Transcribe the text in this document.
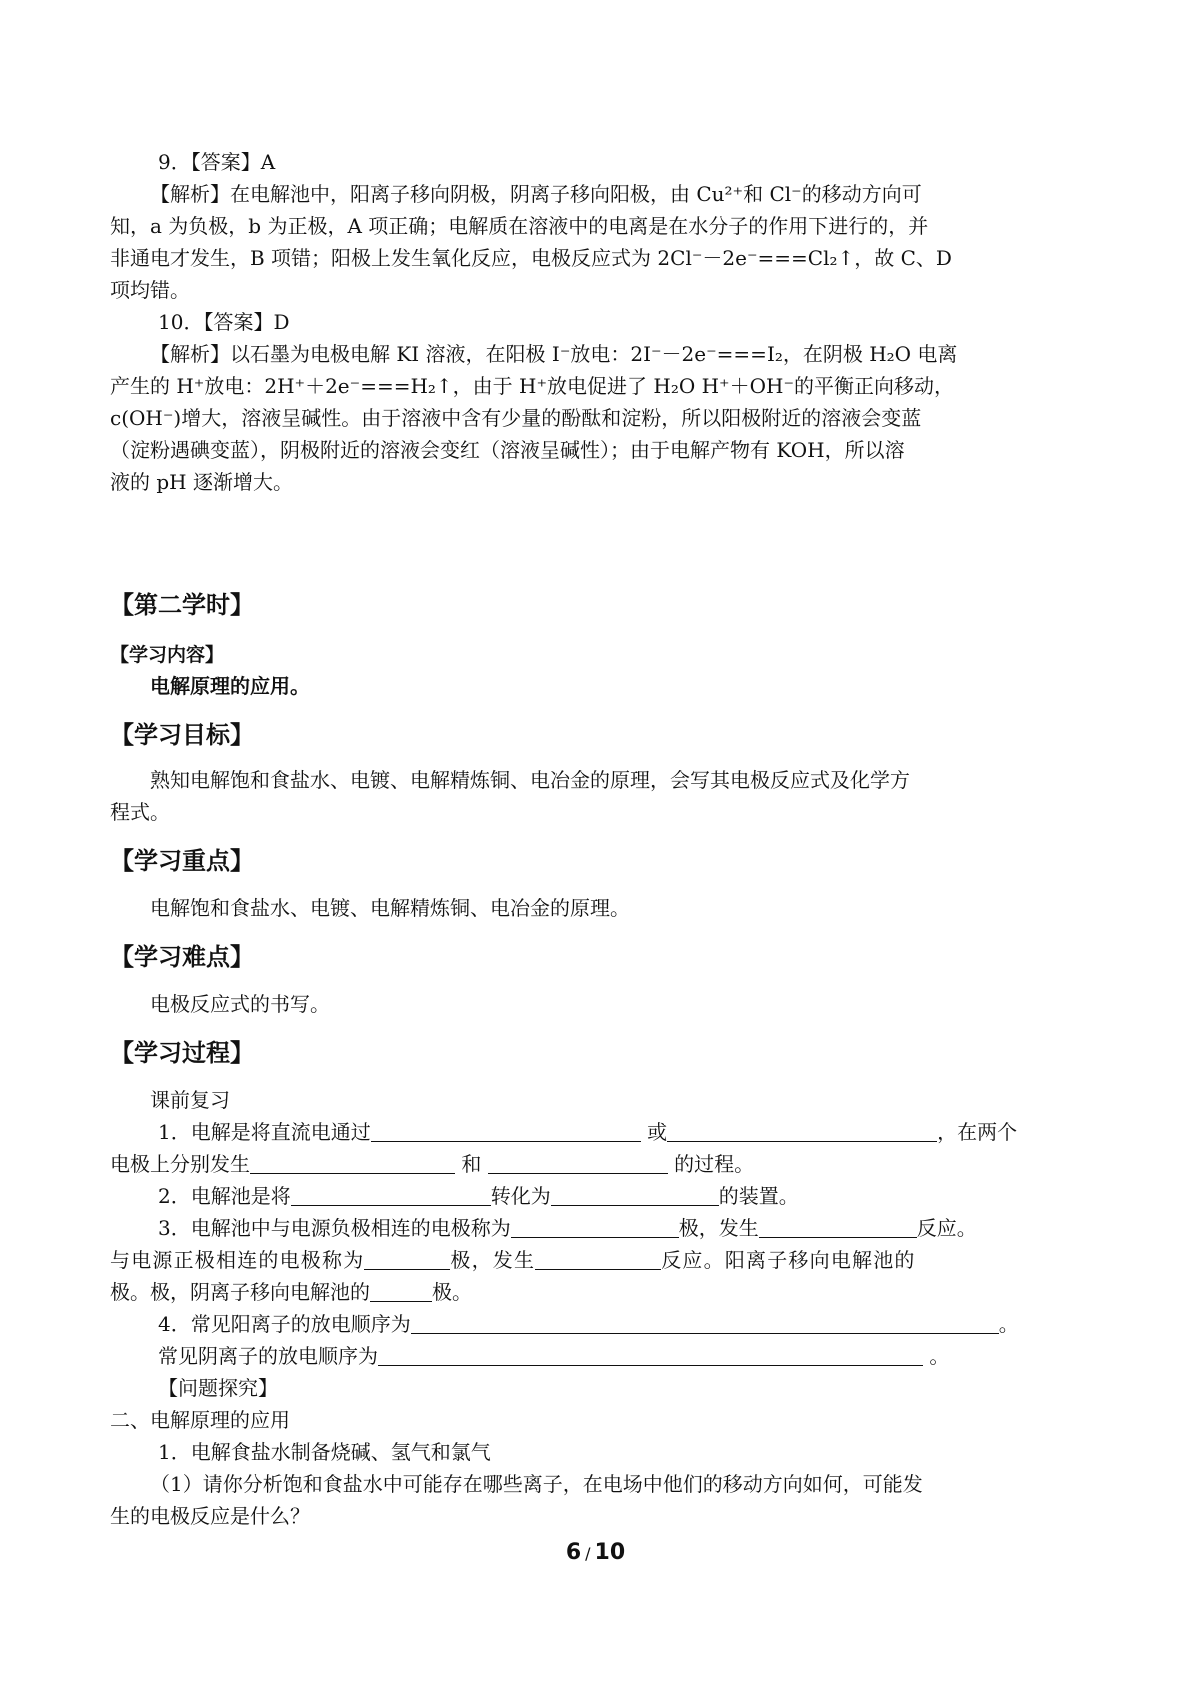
9．【答案】A
【解析】在电解池中，阳离子移向阴极，阴离子移向阳极，由 Cu²⁺和 Cl⁻的移动方向可
知，a 为负极，b 为正极，A 项正确；电解质在溶液中的电离是在水分子的作用下进行的，并
非通电才发生，B 项错；阳极上发生氧化反应，电极反应式为 2Cl⁻－2e⁻===Cl₂↑，故 C、D
项均错。
10．【答案】D
【解析】以石墨为电极电解 KI 溶液，在阳极 I⁻放电：2I⁻－2e⁻===I₂，在阴极 H₂O 电离
产生的 H⁺放电：2H⁺＋2e⁻===H₂↑，由于 H⁺放电促进了 H₂O H⁺＋OH⁻的平衡正向移动，
c(OH⁻)增大，溶液呈碱性。由于溶液中含有少量的酚酞和淀粉，所以阳极附近的溶液会变蓝
（淀粉遇碘变蓝），阴极附近的溶液会变红（溶液呈碱性）；由于电解产物有 KOH，所以溶
液的 pH 逐渐增大。
【第二学时】
【学习内容】
电解原理的应用。
【学习目标】
熟知电解饱和食盐水、电镀、电解精炼铜、电冶金的原理，会写其电极反应式及化学方
程式。
【学习重点】
电解饱和食盐水、电镀、电解精炼铜、电冶金的原理。
【学习难点】
电极反应式的书写。
【学习过程】
课前复习
1．电解是将直流电通过	或	，在两个
电极上分别发生	和	的过程。
2．电解池是将	转化为	的装置。
3．电解池中与电源负极相连的电极称为	极，发生	反应。
与电源正极相连的电极称为	极，发生	反应。阳离子移向电解池的
极。极，阴离子移向电解池的	极。
4．常见阳离子的放电顺序为	。
常见阴离子的放电顺序为	。
【问题探究】
二、电解原理的应用
1．电解食盐水制备烧碱、氢气和氯气
（1）请你分析饱和食盐水中可能存在哪些离子，在电场中他们的移动方向如何，可能发
生的电极反应是什么？
6 / 10
